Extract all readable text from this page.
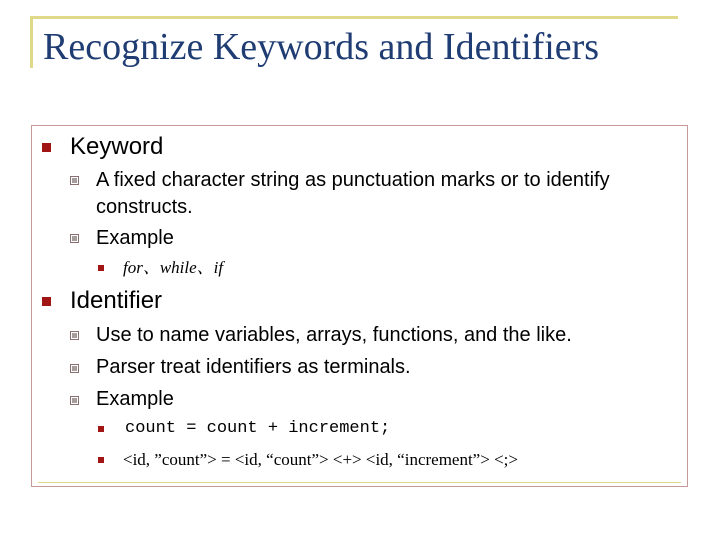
Recognize Keywords and Identifiers
Keyword
A fixed character string as punctuation marks or to identify
constructs.
Example
for、while、if
Identifier
Use to name variables, arrays, functions, and the like.
Parser treat identifiers as terminals.
Example
count = count + increment;
<id, ”count”> = <id, “count”> <+> <id, “increment”> <;>
